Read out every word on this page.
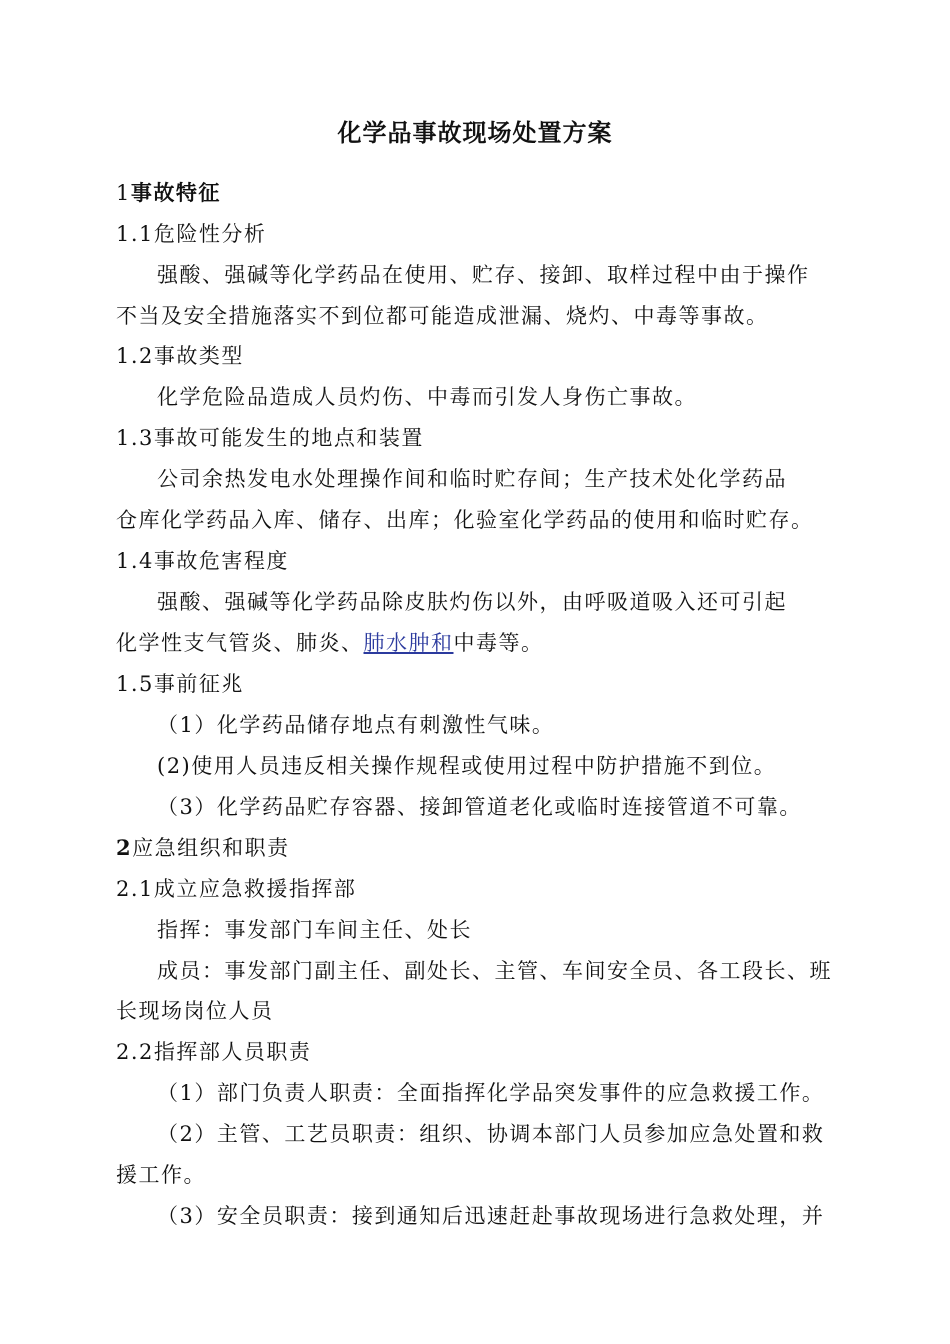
化学品事故现场处置方案
1事故特征
1.1危险性分析
强酸、强碱等化学药品在使用、贮存、接卸、取样过程中由于操作
不当及安全措施落实不到位都可能造成泄漏、烧灼、中毒等事故。
1.2事故类型
化学危险品造成人员灼伤、中毒而引发人身伤亡事故。
1.3事故可能发生的地点和装置
公司余热发电水处理操作间和临时贮存间；生产技术处化学药品
仓库化学药品入库、储存、出库；化验室化学药品的使用和临时贮存。
1.4事故危害程度
强酸、强碱等化学药品除皮肤灼伤以外，由呼吸道吸入还可引起
化学性支气管炎、肺炎、肺水肿和中毒等。
1.5事前征兆
（1）化学药品储存地点有刺激性气味。
(2)使用人员违反相关操作规程或使用过程中防护措施不到位。
（3）化学药品贮存容器、接卸管道老化或临时连接管道不可靠。
2应急组织和职责
2.1成立应急救援指挥部
指挥：事发部门车间主任、处长
成员：事发部门副主任、副处长、主管、车间安全员、各工段长、班
长现场岗位人员
2.2指挥部人员职责
（1）部门负责人职责：全面指挥化学品突发事件的应急救援工作。
（2）主管、工艺员职责：组织、协调本部门人员参加应急处置和救
援工作。
（3）安全员职责：接到通知后迅速赶赴事故现场进行急救处理，并
